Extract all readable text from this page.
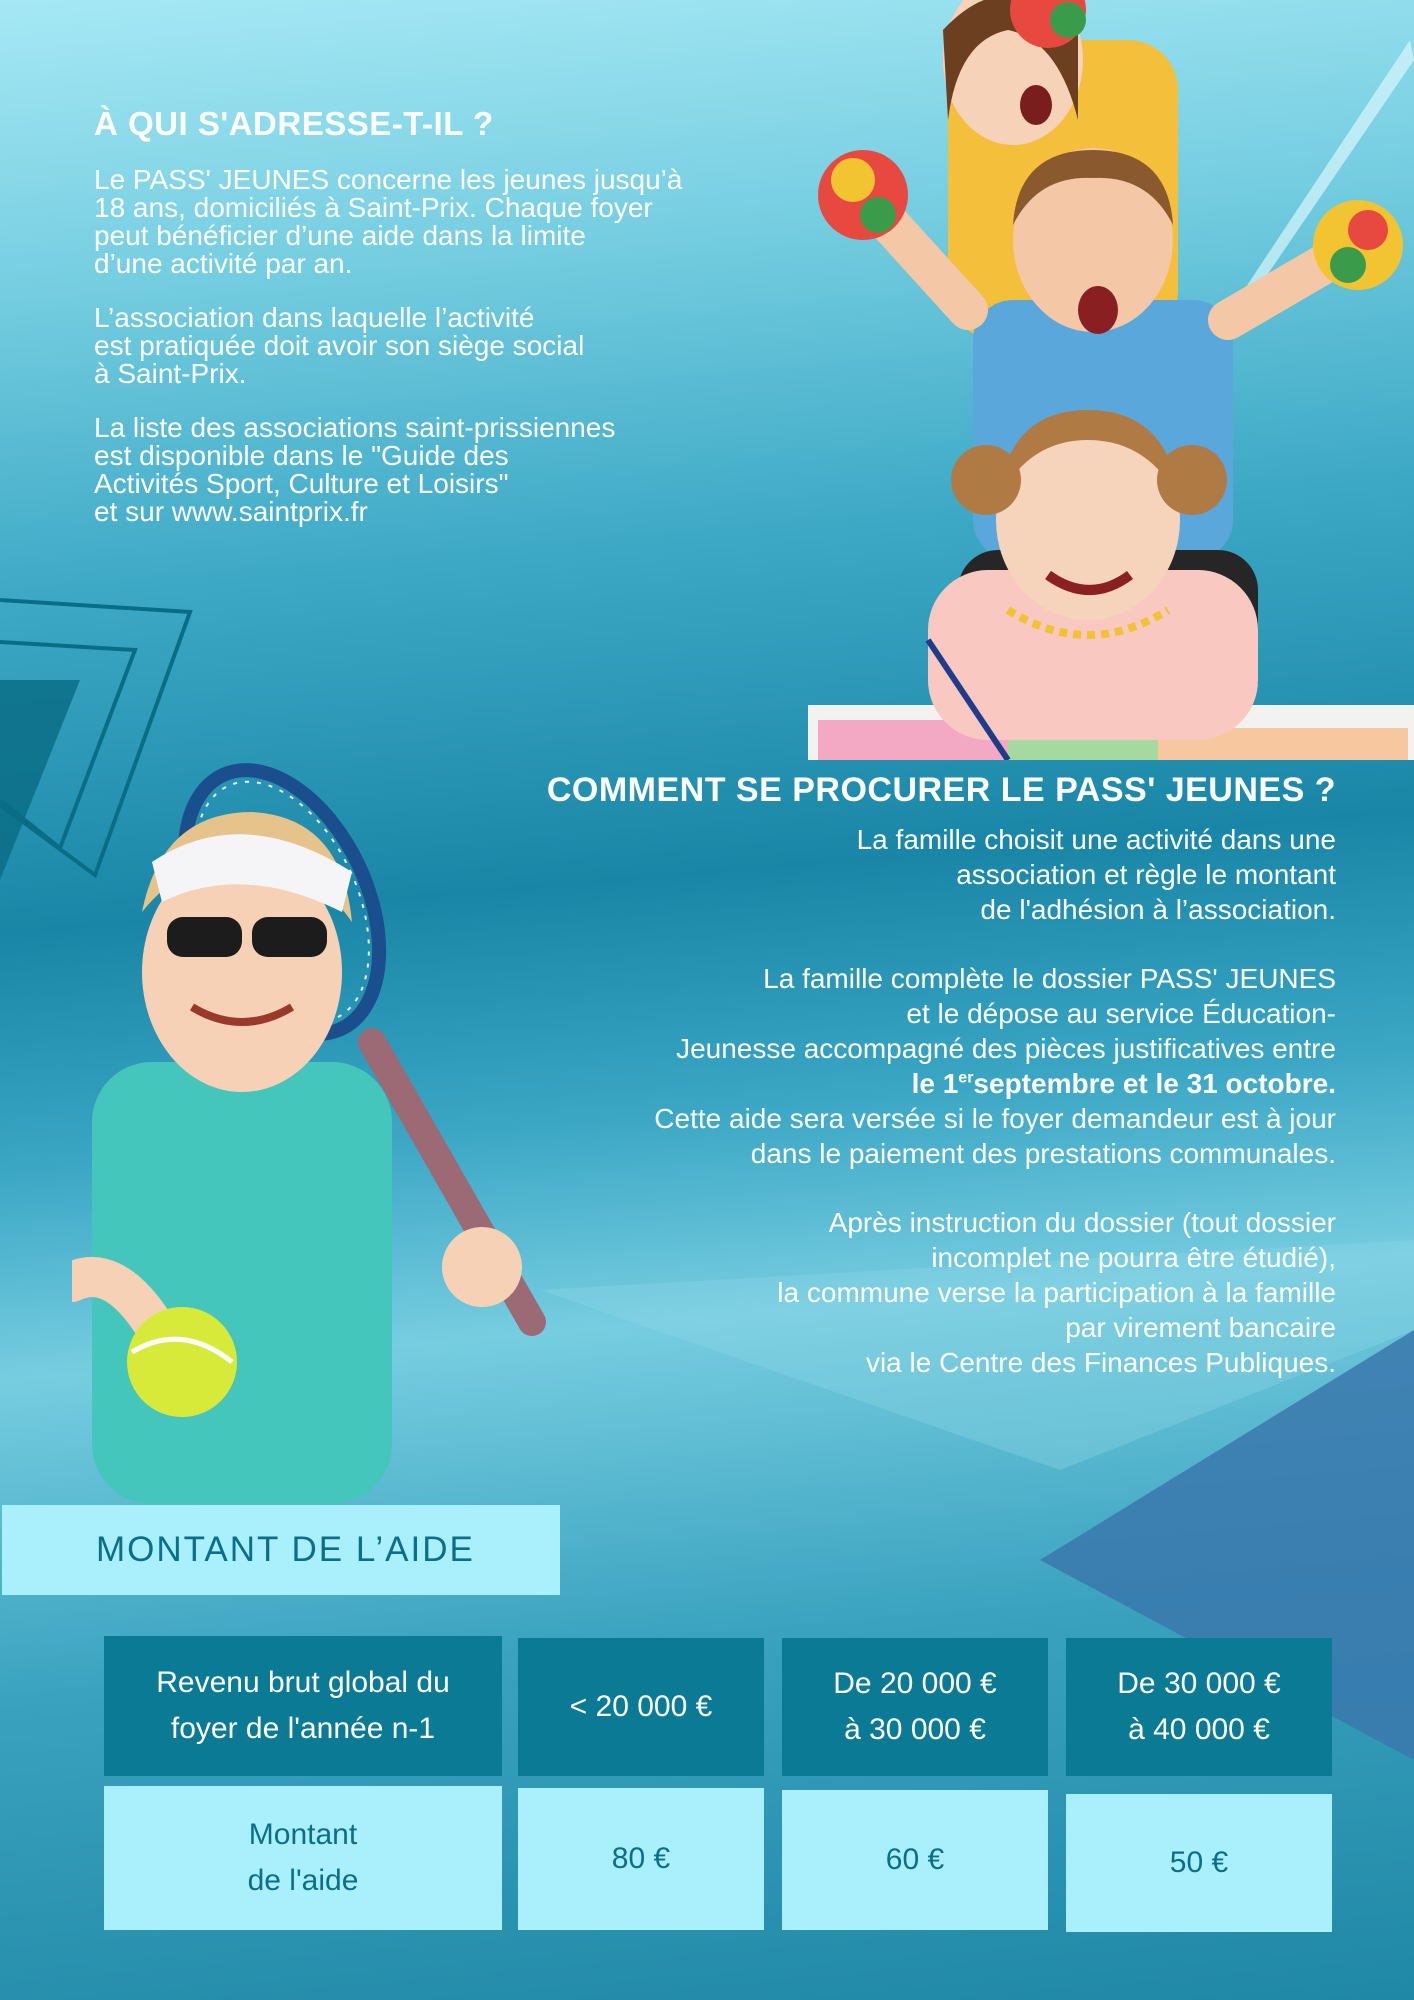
À QUI S'ADRESSE-T-IL ?

Le PASS' JEUNES concerne les jeunes jusqu’à
18 ans, domiciliés à Saint-Prix. Chaque foyer
peut bénéficier d’une aide dans la limite
d’une activité par an.

L’association dans laquelle l’activité
est pratiquée doit avoir son siège social
à Saint-Prix.

La liste des associations saint-prissiennes
est disponible dans le "Guide des
Activités Sport, Culture et Loisirs"
et sur www.saintprix.fr

COMMENT SE PROCURER LE PASS' JEUNES ?

La famille choisit une activité dans une
association et règle le montant
de l'adhésion à l’association.

La famille complète le dossier PASS' JEUNES
et le dépose au service Éducation-
Jeunesse accompagné des pièces justificatives entre
le 1erseptembre et le 31 octobre.
Cette aide sera versée si le foyer demandeur est à jour
dans le paiement des prestations communales.

Après instruction du dossier (tout dossier
incomplet ne pourra être étudié),
la commune verse la participation à la famille
par virement bancaire
via le Centre des Finances Publiques.

MONTANT DE L’AIDE
Revenu brut global du
foyer de l'année n-1
< 20 000 €
De 20 000 €
à 30 000 €
De 30 000 €
à 40 000 €
Montant
de l'aide
80 €	60 €	50 €
